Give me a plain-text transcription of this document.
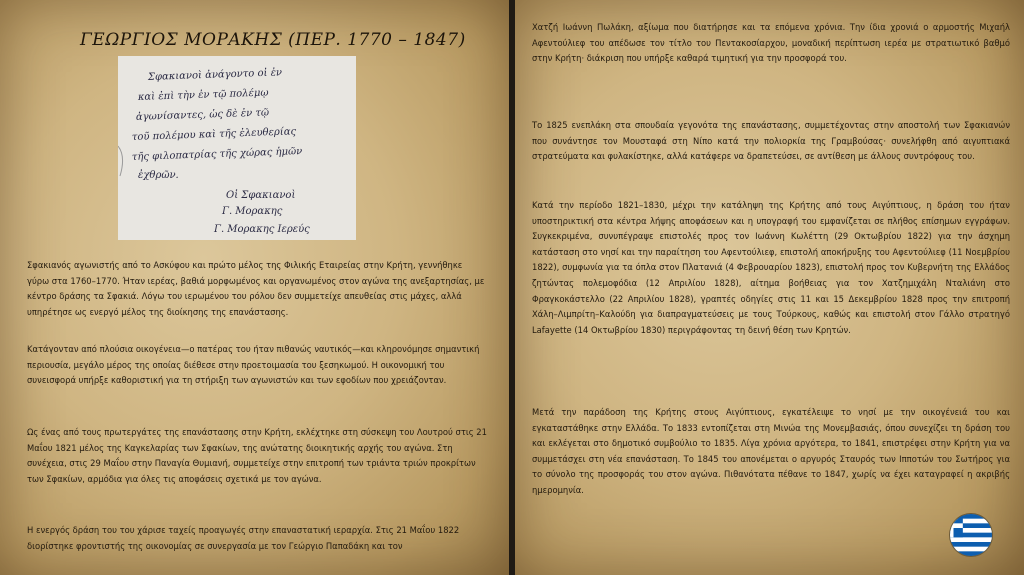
ΓΕΩΡΓΙΟΣ ΜΟΡΑΚΗΣ (ΠΕΡ. 1770 – 1847)
Σφακιανοὶ ἀνάγοντο οἱ ἐν
καὶ ἐπὶ τὴν ἐν τῷ πολέμῳ
ἀγωνίσαντες, ὡς δὲ ἐν τῷ
τοῦ πολέμου καὶ τῆς ἐλευθερίας
τῆς φιλοπατρίας τῆς χώρας ἡμῶν
ἐχθρῶν.
Οἱ Σφακιανοὶ
Γ. Μορακης
Γ. Μορακης Ιερεύς

Σφακιανός αγωνιστής από το Ασκύφου και πρώτο μέλος της Φιλικής Εταιρείας στην Κρήτη, γεννήθηκε γύρω στα 1760–1770. Ήταν ιερέας, βαθιά μορφωμένος και οργανωμένος στον αγώνα της ανεξαρτησίας, με κέντρο δράσης τα Σφακιά. Λόγω του ιερωμένου του ρόλου δεν συμμετείχε απευθείας στις μάχες, αλλά υπηρέτησε ως ενεργό μέλος της διοίκησης της επανάστασης.

Κατάγονταν από πλούσια οικογένεια—ο πατέρας του ήταν πιθανώς ναυτικός—και κληρονόμησε σημαντική περιουσία, μεγάλο μέρος της οποίας διέθεσε στην προετοιμασία του ξεσηκωμού. Η οικονομική του συνεισφορά υπήρξε καθοριστική για τη στήριξη των αγωνιστών και των εφοδίων που χρειάζονταν.

Ως ένας από τους πρωτεργάτες της επανάστασης στην Κρήτη, εκλέχτηκε στη σύσκεψη του Λουτρού στις 21 Μαΐου 1821 μέλος της Καγκελαρίας των Σφακίων, της ανώτατης διοικητικής αρχής του αγώνα. Στη συνέχεια, στις 29 Μαΐου στην Παναγία Θυμιανή, συμμετείχε στην επιτροπή των τριάντα τριών προκρίτων των Σφακίων, αρμόδια για όλες τις αποφάσεις σχετικά με τον αγώνα.

Η ενεργός δράση του του χάρισε ταχείς προαγωγές στην επαναστατική ιεραρχία. Στις 21 Μαΐου 1822 διορίστηκε φροντιστής της οικονομίας σε συνεργασία με τον Γεώργιο Παπαδάκη και τον

Χατζή Ιωάννη Πωλάκη, αξίωμα που διατήρησε και τα επόμενα χρόνια. Την ίδια χρονιά ο αρμοστής Μιχαήλ Αφεντούλιεφ του απέδωσε τον τίτλο του Πεντακοσίαρχου, μοναδική περίπτωση ιερέα με στρατιωτικό βαθμό στην Κρήτη· διάκριση που υπήρξε καθαρά τιμητική για την προσφορά του.

Το 1825 ενεπλάκη στα σπουδαία γεγονότα της επανάστασης, συμμετέχοντας στην αποστολή των Σφακιανών που συνάντησε τον Μουσταφά στη Νίπο κατά την πολιορκία της Γραμβούσας· συνελήφθη από αιγυπτιακά στρατεύματα και φυλακίστηκε, αλλά κατάφερε να δραπετεύσει, σε αντίθεση με άλλους συντρόφους του.

Κατά την περίοδο 1821–1830, μέχρι την κατάληψη της Κρήτης από τους Αιγύπτιους, η δράση του ήταν υποστηρικτική στα κέντρα λήψης αποφάσεων και η υπογραφή του εμφανίζεται σε πλήθος επίσημων εγγράφων. Συγκεκριμένα, συνυπέγραψε επιστολές προς τον Ιωάννη Κωλέττη (29 Οκτωβρίου 1822) για την άσχημη κατάσταση στο νησί και την παραίτηση του Αφεντούλιεφ, επιστολή αποκήρυξης του Αφεντούλιεφ (11 Νοεμβρίου 1822), συμφωνία για τα όπλα στον Πλατανιά (4 Φεβρουαρίου 1823), επιστολή προς τον Κυβερνήτη της Ελλάδος ζητώντας πολεμοφόδια (12 Απριλίου 1828), αίτημα βοήθειας για τον Χατζημιχάλη Νταλιάνη στο Φραγκοκάστελλο (22 Απριλίου 1828), γραπτές οδηγίες στις 11 και 15 Δεκεμβρίου 1828 προς την επιτροπή Χάλη–Λιμπρίτη–Καλούδη για διαπραγματεύσεις με τους Τούρκους, καθώς και επιστολή στον Γάλλο στρατηγό Lafayette (14 Οκτωβρίου 1830) περιγράφοντας τη δεινή θέση των Κρητών.

Μετά την παράδοση της Κρήτης στους Αιγύπτιους, εγκατέλειψε το νησί με την οικογένειά του και εγκαταστάθηκε στην Ελλάδα. Το 1833 εντοπίζεται στη Μινώα της Μονεμβασιάς, όπου συνεχίζει τη δράση του και εκλέγεται στο δημοτικό συμβούλιο το 1835. Λίγα χρόνια αργότερα, το 1841, επιστρέφει στην Κρήτη για να συμμετάσχει στη νέα επανάσταση. Το 1845 του απονέμεται ο αργυρός Σταυρός των Ιπποτών του Σωτήρος για το σύνολο της προσφοράς του στον αγώνα. Πιθανότατα πέθανε το 1847, χωρίς να έχει καταγραφεί η ακριβής ημερομηνία.
